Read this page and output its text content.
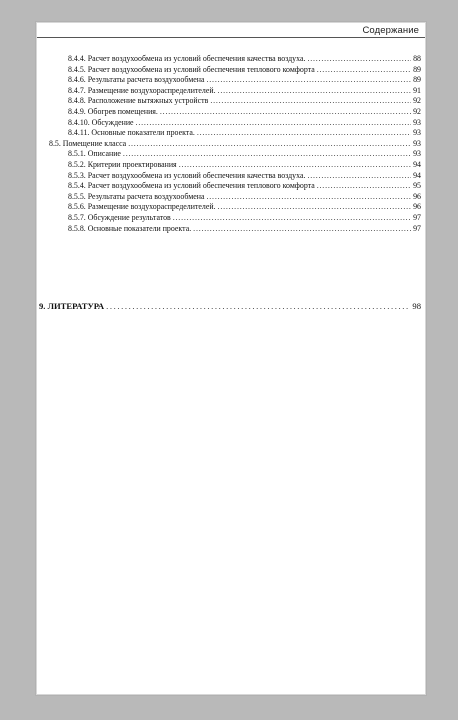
Содержание
8.4.4. Расчет воздухообмена из условий обеспечения качества воздуха. .....	88
8.4.5. Расчет воздухообмена из условий обеспечения теплового комфорта .....	89
8.4.6. Результаты расчета воздухообмена .....	89
8.4.7. Размещение воздухораспределителей. .....	91
8.4.8. Расположение вытяжных устройств .....	92
8.4.9. Обогрев помещения. .....	92
8.4.10. Обсуждение .....	93
8.4.11. Основные показатели проекта. .....	93
8.5. Помещение класса .....	93
8.5.1. Описание .....	93
8.5.2. Критерии проектирования .....	94
8.5.3. Расчет воздухообмена из условий обеспечения качества воздуха. .....	94
8.5.4. Расчет воздухообмена из условий обеспечения теплового комфорта .....	95
8.5.5. Результаты расчета воздухообмена .....	96
8.5.6. Размещение воздухораспределителей. .....	96
8.5.7. Обсуждение результатов .....	97
8.5.8. Основные показатели проекта. .....	97
9. ЛИТЕРАТУРА .....	98
